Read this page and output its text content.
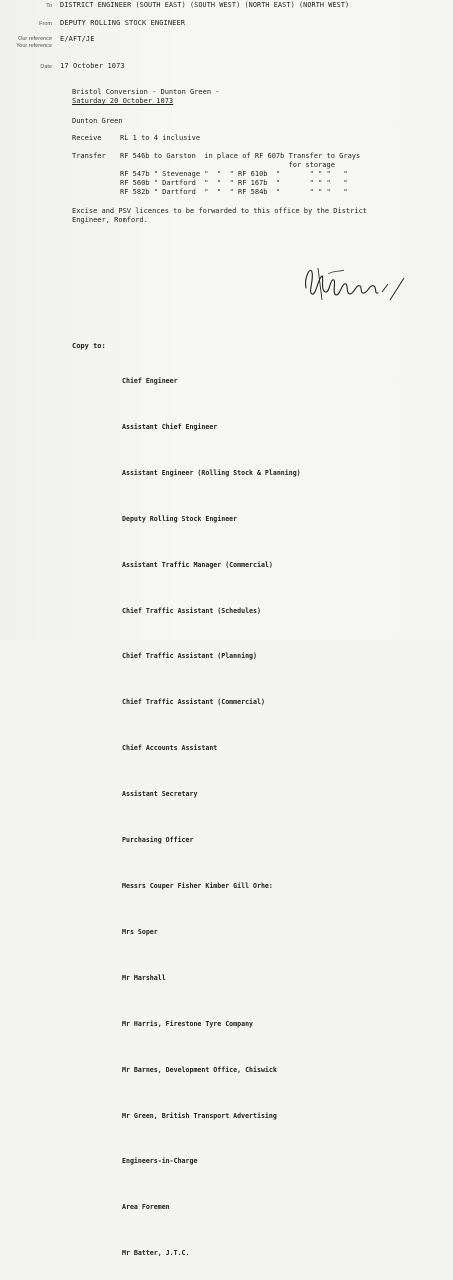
To DISTRICT ENGINEER (SOUTH EAST) (SOUTH WEST) (NORTH EAST) (NORTH WEST)
From DEPUTY ROLLING STOCK ENGINEER
Our reference
Your reference
E/AFT/JE
Date 17 October 1073
Bristol Conversion - Dunton Green -
Saturday 20 October 1073
Dunton Green
Receive	RL 1 to 4 inclusive
Transfer RF 546b to Garston  in place of RF 607b Transfer to Grays
for storage
RF 547b " Stevenage "  "  " RF 610b  "       " " "   "
RF 560b " Dartford  "  "  " RF 167b  "       " " "   "
RF 582b " Dartford  "  "  " RF 584b  "       " " "   "
Excise and PSV licences to be forwarded to this office by the District
Engineer, Romford.
Copy to:

Chief Engineer

Assistant Chief Engineer

Assistant Engineer (Rolling Stock & Planning)

Deputy Rolling Stock Engineer

Assistant Traffic Manager (Commercial)

Chief Traffic Assistant (Schedules)

Chief Traffic Assistant (Planning)

Chief Traffic Assistant (Commercial)

Chief Accounts Assistant

Assistant Secretary

Purchasing Officer

Messrs Couper Fisher Kimber Gill Orhe:

Mrs Soper

Mr Marshall

Mr Harris, Firestone Tyre Company

Mr Barnes, Development Office, Chiswick

Mr Green, British Transport Advertising

Engineers-in-Charge

Area Foremen

Mr Batter, J.T.C.
